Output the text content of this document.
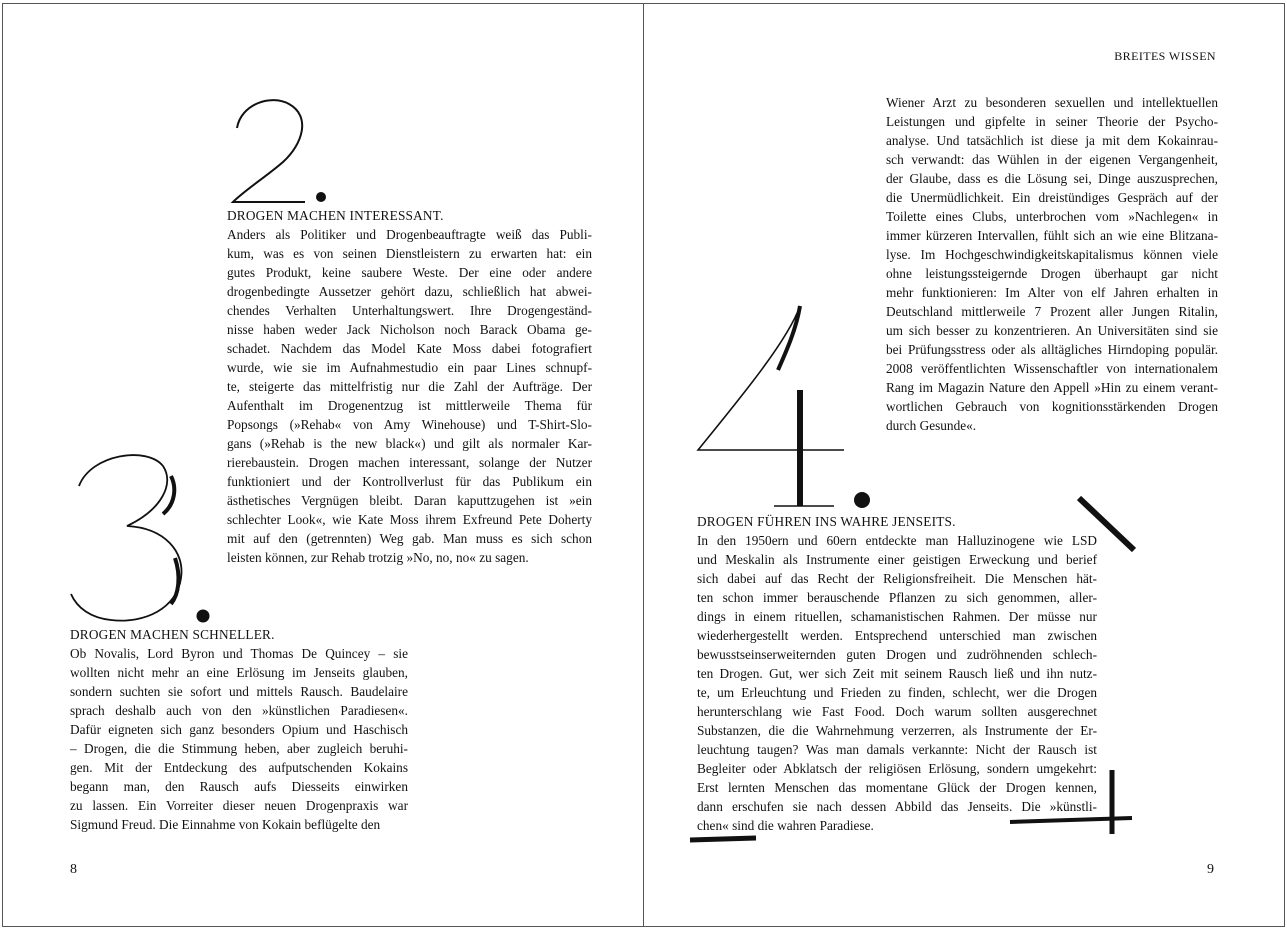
DROGEN MACHEN INTERESSANT.

Anders als Politiker und Drogenbeauftragte weiß das Publi-
kum, was es von seinen Dienstleistern zu erwarten hat: ein
gutes Produkt, keine saubere Weste. Der eine oder andere
drogenbedingte Aussetzer gehört dazu, schließlich hat abwei-
chendes Verhalten Unterhaltungswert. Ihre Drogengeständ-
nisse haben weder Jack Nicholson noch Barack Obama ge-
schadet. Nachdem das Model Kate Moss dabei fotografiert
wurde, wie sie im Aufnahmestudio ein paar Lines schnupf-
te, steigerte das mittelfristig nur die Zahl der Aufträge. Der
Aufenthalt im Drogenentzug ist mittlerweile Thema für
Popsongs (»Rehab« von Amy Winehouse) und T-Shirt-Slo-
gans (»Rehab is the new black«) und gilt als normaler Kar-
rierebaustein. Drogen machen interessant, solange der Nutzer
funktioniert und der Kontrollverlust für das Publikum ein
ästhetisches Vergnügen bleibt. Daran kaputtzugehen ist »ein
schlechter Look«, wie Kate Moss ihrem Exfreund Pete Doherty
mit auf den (getrennten) Weg gab. Man muss es sich schon
leisten können, zur Rehab trotzig »No, no, no« zu sagen.

DROGEN MACHEN SCHNELLER.

Ob Novalis, Lord Byron und Thomas De Quincey – sie
wollten nicht mehr an eine Erlösung im Jenseits glauben,
sondern suchten sie sofort und mittels Rausch. Baudelaire
sprach deshalb auch von den »künstlichen Paradiesen«.
Dafür eigneten sich ganz besonders Opium und Haschisch
– Drogen, die die Stimmung heben, aber zugleich beruhi-
gen. Mit der Entdeckung des aufputschenden Kokains
begann man, den Rausch aufs Diesseits einwirken
zu lassen. Ein Vorreiter dieser neuen Drogenpraxis war
Sigmund Freud. Die Einnahme von Kokain beflügelte den

8
BREITES WISSEN

Wiener Arzt zu besonderen sexuellen und intellektuellen
Leistungen und gipfelte in seiner Theorie der Psycho-
analyse. Und tatsächlich ist diese ja mit dem Kokainrau-
sch verwandt: das Wühlen in der eigenen Vergangenheit,
der Glaube, dass es die Lösung sei, Dinge auszusprechen,
die Unermüdlichkeit. Ein dreistündiges Gespräch auf der
Toilette eines Clubs, unterbrochen vom »Nachlegen« in
immer kürzeren Intervallen, fühlt sich an wie eine Blitzana-
lyse. Im Hochgeschwindigkeitskapitalismus können viele
ohne leistungssteigernde Drogen überhaupt gar nicht
mehr funktionieren: Im Alter von elf Jahren erhalten in
Deutschland mittlerweile 7 Prozent aller Jungen Ritalin,
um sich besser zu konzentrieren. An Universitäten sind sie
bei Prüfungsstress oder als alltägliches Hirndoping populär.
2008 veröffentlichten Wissenschaftler von internationalem
Rang im Magazin Nature den Appell »Hin zu einem verant-
wortlichen Gebrauch von kognitionsstärkenden Drogen
durch Gesunde«.

DROGEN FÜHREN INS WAHRE JENSEITS.

In den 1950ern und 60ern entdeckte man Halluzinogene wie LSD
und Meskalin als Instrumente einer geistigen Erweckung und berief
sich dabei auf das Recht der Religionsfreiheit. Die Menschen hät-
ten schon immer berauschende Pflanzen zu sich genommen, aller-
dings in einem rituellen, schamanistischen Rahmen. Der müsse nur
wiederhergestellt werden. Entsprechend unterschied man zwischen
bewusstseinserweiternden guten Drogen und zudröhnenden schlech-
ten Drogen. Gut, wer sich Zeit mit seinem Rausch ließ und ihn nutz-
te, um Erleuchtung und Frieden zu finden, schlecht, wer die Drogen
herunterschlang wie Fast Food. Doch warum sollten ausgerechnet
Substanzen, die die Wahrnehmung verzerren, als Instrumente der Er-
leuchtung taugen? Was man damals verkannte: Nicht der Rausch ist
Begleiter oder Abklatsch der religiösen Erlösung, sondern umgekehrt:
Erst lernten Menschen das momentane Glück der Drogen kennen,
dann erschufen sie nach dessen Abbild das Jenseits. Die »künstli-
chen« sind die wahren Paradiese.

9
